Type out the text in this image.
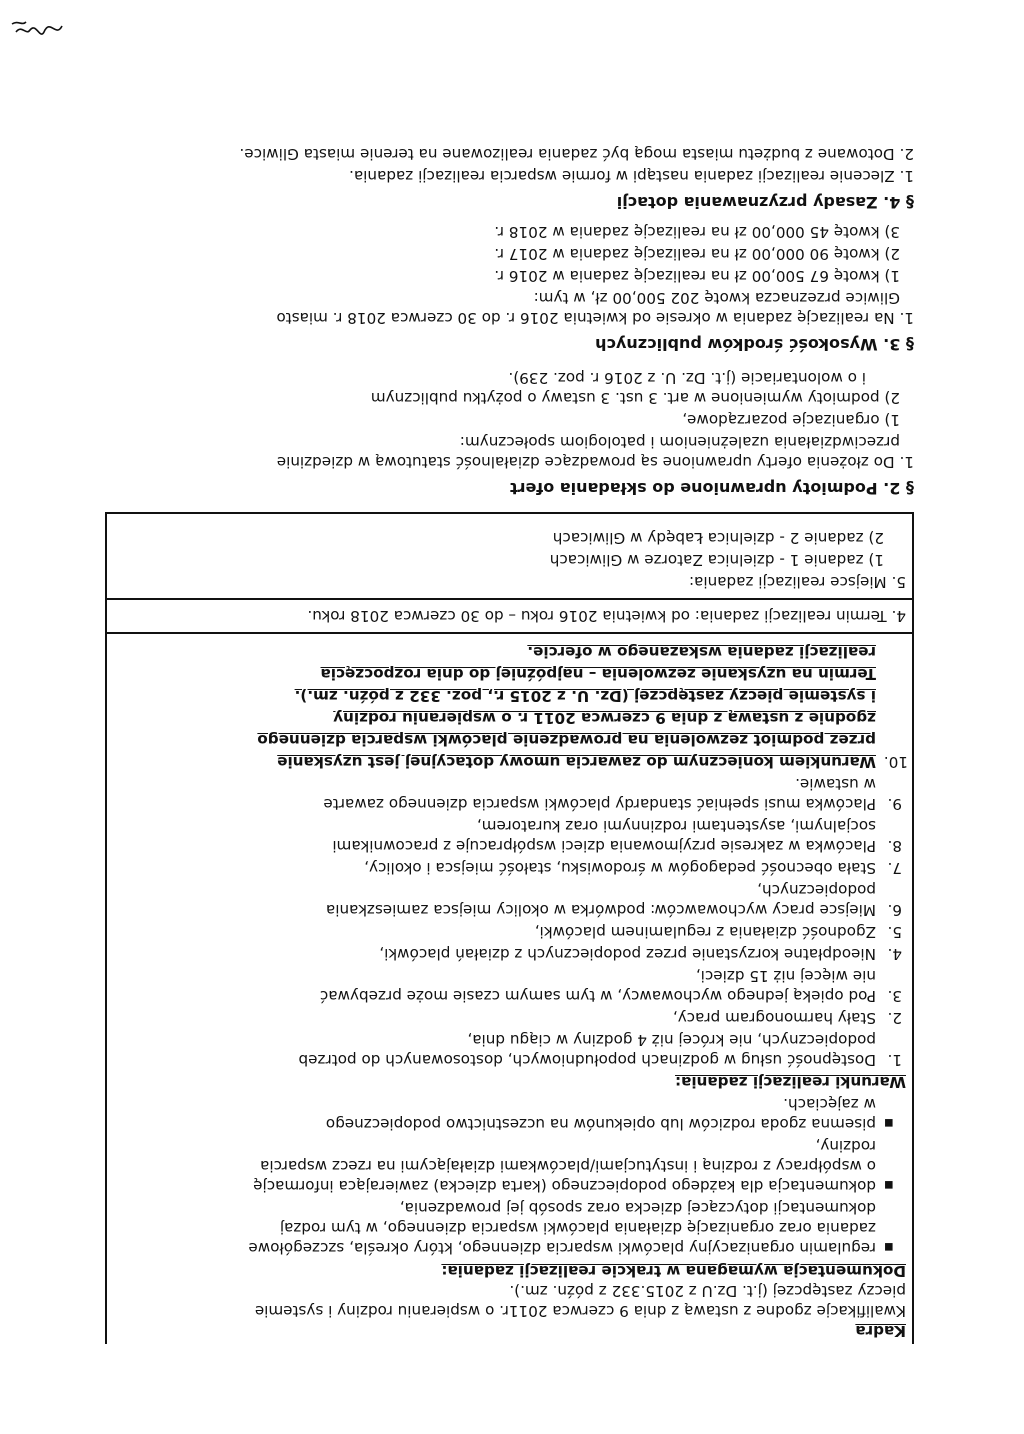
Kadra
Kwalifikacje zgodne z ustawą z dnia 9 czerwca 2011r. o wspieraniu rodziny i systemie
pieczy zastępczej (j.t. Dz.U z 2015.332 z późn. zm.).
Dokumentacja wymagana w trakcie realizacji zadania:
▪
regulamin organizacyjny placówki wsparcia dziennego, który określa, szczegółowe
zadania oraz organizację działania placówki wsparcia dziennego, w tym rodzaj
dokumentacji dotyczącej dziecka oraz sposób jej prowadzenia,
▪
dokumentacja dla każdego podopiecznego (karta dziecka) zawierająca informację
o współpracy z rodziną i instytucjami/placówkami działającymi na rzecz wsparcia
rodziny,
▪
pisemna zgoda rodziców lub opiekunów na uczestnictwo podopiecznego
w zajęciach.
Warunki realizacji zadania:
1.
Dostępność usług w godzinach popołudniowych, dostosowanych do potrzeb
podopiecznych, nie krócej niż 4 godziny w ciągu dnia,
2.
Stały harmonogram pracy,
3.
Pod opieką jednego wychowawcy, w tym samym czasie może przebywać
nie więcej niż 15 dzieci,
4.
Nieodpłatne korzystanie przez podopiecznych z działań placówki,
5.
Zgodność działania z regulaminem placówki,
6.
Miejsce pracy wychowawców: podwórka w okolicy miejsca zamieszkania
podopiecznych,
7.
Stała obecność pedagogów w środowisku, stałość miejsca i okolicy,
8.
Placówka w zakresie przyjmowania dzieci współpracuje z pracownikami
socjalnymi, asystentami rodzinnymi oraz kuratorem,
9.
Placówka musi spełniać standardy placówki wsparcia dziennego zawarte
w ustawie.
10.
Warunkiem koniecznym do zawarcia umowy dotacyjnej jest uzyskanie
przez podmiot zezwolenia na prowadzenie placówki wsparcia dziennego
zgodnie z ustawą z dnia 9 czerwca 2011 r. o wspieraniu rodziny
i systemie pieczy zastępczej (Dz. U. z 2015 r., poz. 332 z późn. zm.).
Termin na uzyskanie zezwolenia – najpóźniej do dnia rozpoczęcia
realizacji zadania wskazanego w ofercie.
4. Termin realizacji zadania: od kwietnia 2016 roku – do 30 czerwca 2018 roku.
5. Miejsce realizacji zadania:
1) zadanie 1 - dzielnica Zatorze w Gliwicach
2) zadanie 2 - dzielnica Łabędy w Gliwicach
§ 2. Podmioty uprawnione do składania ofert
1. Do złożenia oferty uprawnione są prowadzące działalność statutową w dziedzinie
przeciwdziałania uzależnieniom i patologiom społecznym:
1) organizacje pozarządowe,
2) podmioty wymienione w art. 3 ust. 3 ustawy o pożytku publicznym
i o wolontariacie (j.t. Dz. U. z 2016 r. poz. 239).
§ 3. Wysokość środków publicznych
1. Na realizację zadania w okresie od kwietnia 2016 r. do 30 czerwca 2018 r. miasto
Gliwice przeznacza kwotę 202 500,00 zł, w tym:
1) kwotę 67 500,00 zł na realizację zadania w 2016 r.
2) kwotę 90 000,00 zł na realizację zadania w 2017 r.
3) kwotę 45 000,00 zł na realizację zadania w 2018 r.
§ 4. Zasady przyznawania dotacji
1. Zlecenie realizacji zadania nastąpi w formie wsparcia realizacji zadania.
2. Dotowane z budżetu miasta mogą być zadania realizowane na terenie miasta Gliwice.
